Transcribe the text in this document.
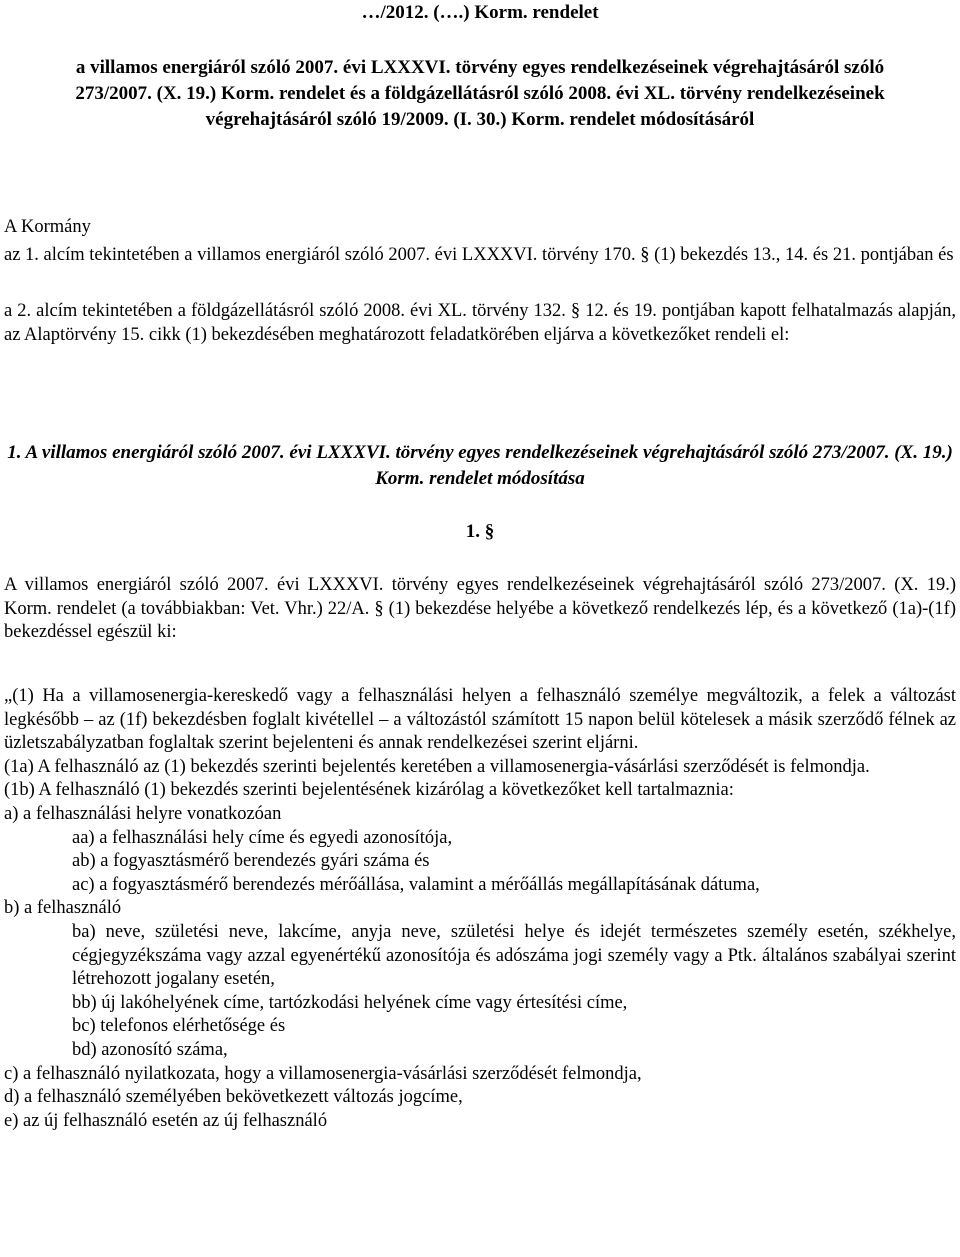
…/2012. (….) Korm. rendelet

a villamos energiáról szóló 2007. évi LXXXVI. törvény egyes rendelkezéseinek végrehajtásáról szóló 273/2007. (X. 19.) Korm. rendelet és a földgázellátásról szóló 2008. évi XL. törvény rendelkezéseinek végrehajtásáról szóló 19/2009. (I. 30.) Korm. rendelet módosításáról

A Kormány

az 1. alcím tekintetében a villamos energiáról szóló 2007. évi LXXXVI. törvény 170. § (1) bekezdés 13., 14. és 21. pontjában és

a 2. alcím tekintetében a földgázellátásról szóló 2008. évi XL. törvény 132. § 12. és 19. pontjában kapott felhatalmazás alapján, az Alaptörvény 15. cikk (1) bekezdésében meghatározott feladatkörében eljárva a következőket rendeli el:

1. A villamos energiáról szóló 2007. évi LXXXVI. törvény egyes rendelkezéseinek végrehajtásáról szóló 273/2007. (X. 19.) Korm. rendelet módosítása

1. §

A villamos energiáról szóló 2007. évi LXXXVI. törvény egyes rendelkezéseinek végrehajtásáról szóló 273/2007. (X. 19.) Korm. rendelet (a továbbiakban: Vet. Vhr.) 22/A. § (1) bekezdése helyébe a következő rendelkezés lép, és a következő (1a)-(1f) bekezdéssel egészül ki:

„(1) Ha a villamosenergia-kereskedő vagy a felhasználási helyen a felhasználó személye megváltozik, a felek a változást legkésőbb – az (1f) bekezdésben foglalt kivétellel – a változástól számított 15 napon belül kötelesek a másik szerződő félnek az üzletszabályzatban foglaltak szerint bejelenteni és annak rendelkezései szerint eljárni.

(1a) A felhasználó az (1) bekezdés szerinti bejelentés keretében a villamosenergia-vásárlási szerződését is felmondja.

(1b) A felhasználó (1) bekezdés szerinti bejelentésének kizárólag a következőket kell tartalmaznia:

a) a felhasználási helyre vonatkozóan

aa) a felhasználási hely címe és egyedi azonosítója,

ab) a fogyasztásmérő berendezés gyári száma és

ac) a fogyasztásmérő berendezés mérőállása, valamint a mérőállás megállapításának dátuma,

b) a felhasználó

ba) neve, születési neve, lakcíme, anyja neve, születési helye és idejét természetes személy esetén, székhelye, cégjegyzékszáma vagy azzal egyenértékű azonosítója és adószáma jogi személy vagy a Ptk. általános szabályai szerint létrehozott jogalany esetén,

bb) új lakóhelyének címe, tartózkodási helyének címe vagy értesítési címe,

bc) telefonos elérhetősége és

bd) azonosító száma,

c) a felhasználó nyilatkozata, hogy a villamosenergia-vásárlási szerződését felmondja,

d) a felhasználó személyében bekövetkezett változás jogcíme,

e) az új felhasználó esetén az új felhasználó
